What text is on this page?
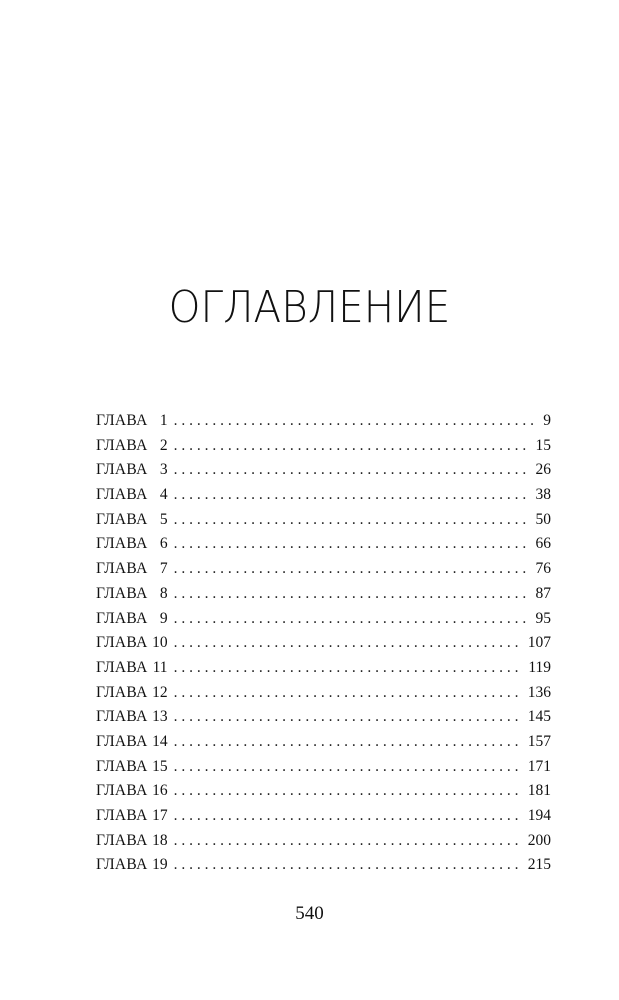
ОГЛАВЛЕНИЕ
ГЛАВА 1 . . .	9
ГЛАВА 2 . . .	15
ГЛАВА 3 . . .	26
ГЛАВА 4 . . .	38
ГЛАВА 5 . . .	50
ГЛАВА 6 . . .	66
ГЛАВА 7 . . .	76
ГЛАВА 8 . . .	87
ГЛАВА 9 . . .	95
ГЛАВА 10 . . .	107
ГЛАВА 11 . . .	119
ГЛАВА 12 . . .	136
ГЛАВА 13 . . .	145
ГЛАВА 14 . . .	157
ГЛАВА 15 . . .	171
ГЛАВА 16 . . .	181
ГЛАВА 17 . . .	194
ГЛАВА 18 . . .	200
ГЛАВА 19 . . .	215
540
